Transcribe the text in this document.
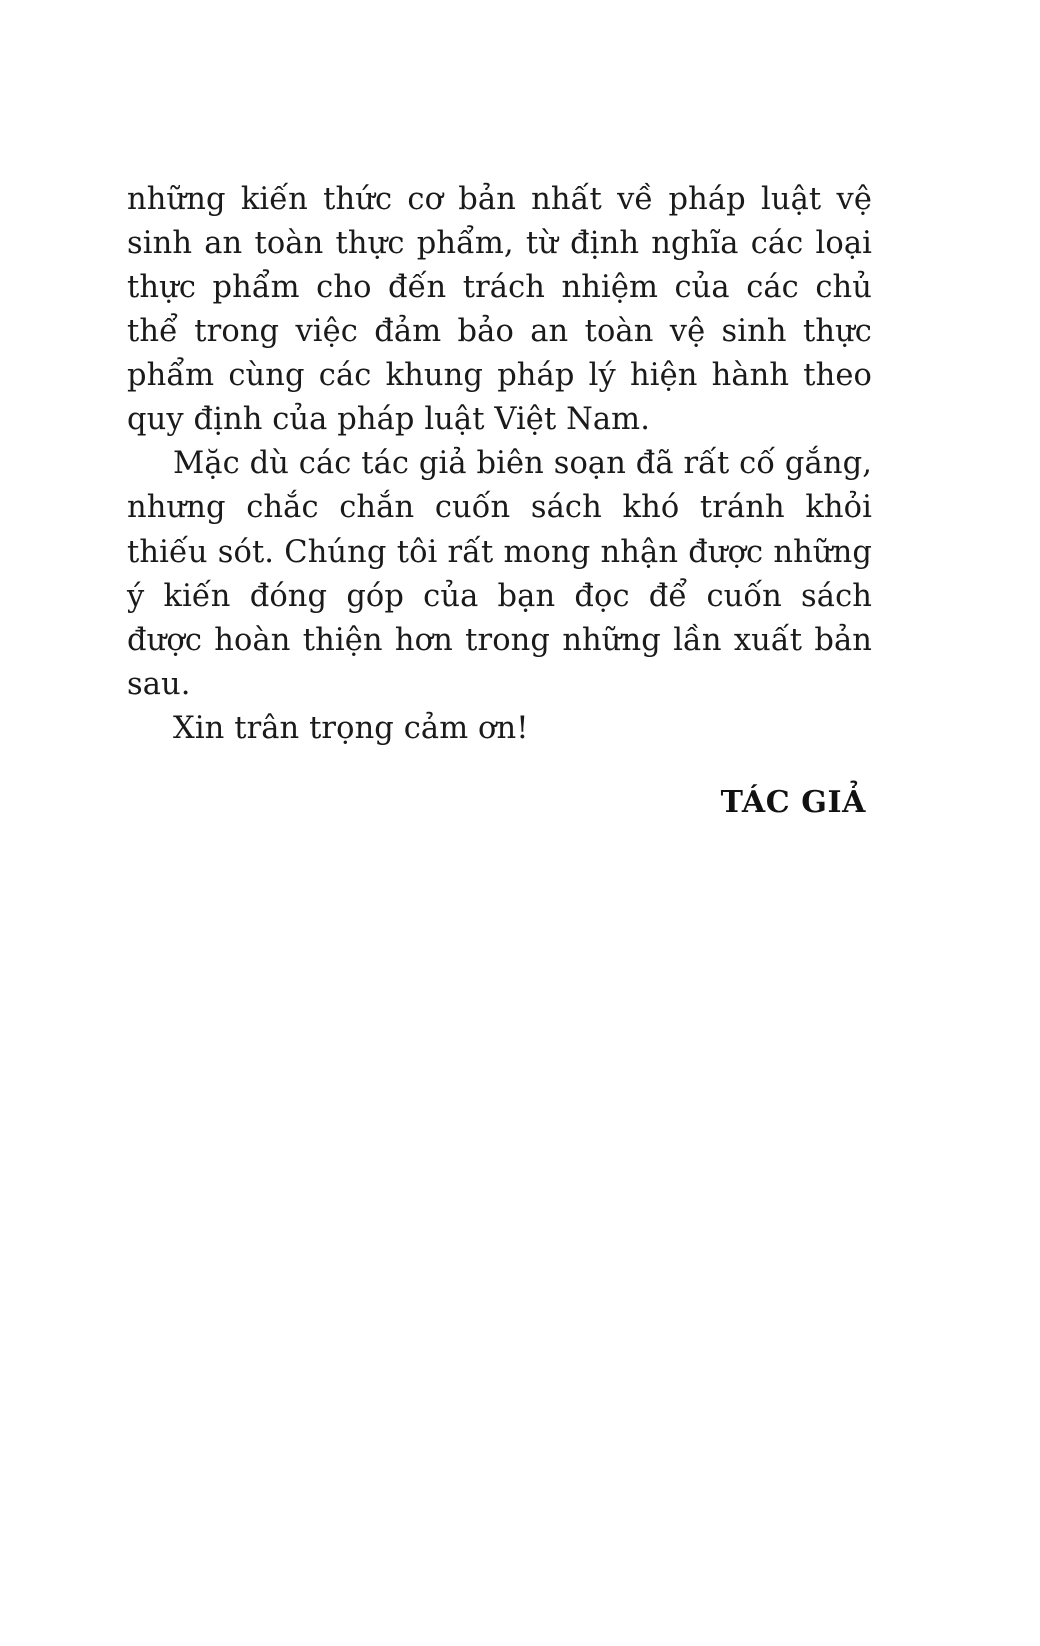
những kiến thức cơ bản nhất về pháp luật vệ sinh an toàn thực phẩm, từ định nghĩa các loại thực phẩm cho đến trách nhiệm của các chủ thể trong việc đảm bảo an toàn vệ sinh thực phẩm cùng các khung pháp lý hiện hành theo quy định của pháp luật Việt Nam.

Mặc dù các tác giả biên soạn đã rất cố gắng, nhưng chắc chắn cuốn sách khó tránh khỏi thiếu sót. Chúng tôi rất mong nhận được những ý kiến đóng góp của bạn đọc để cuốn sách được hoàn thiện hơn trong những lần xuất bản sau.

Xin trân trọng cảm ơn!

TÁC GIẢ
